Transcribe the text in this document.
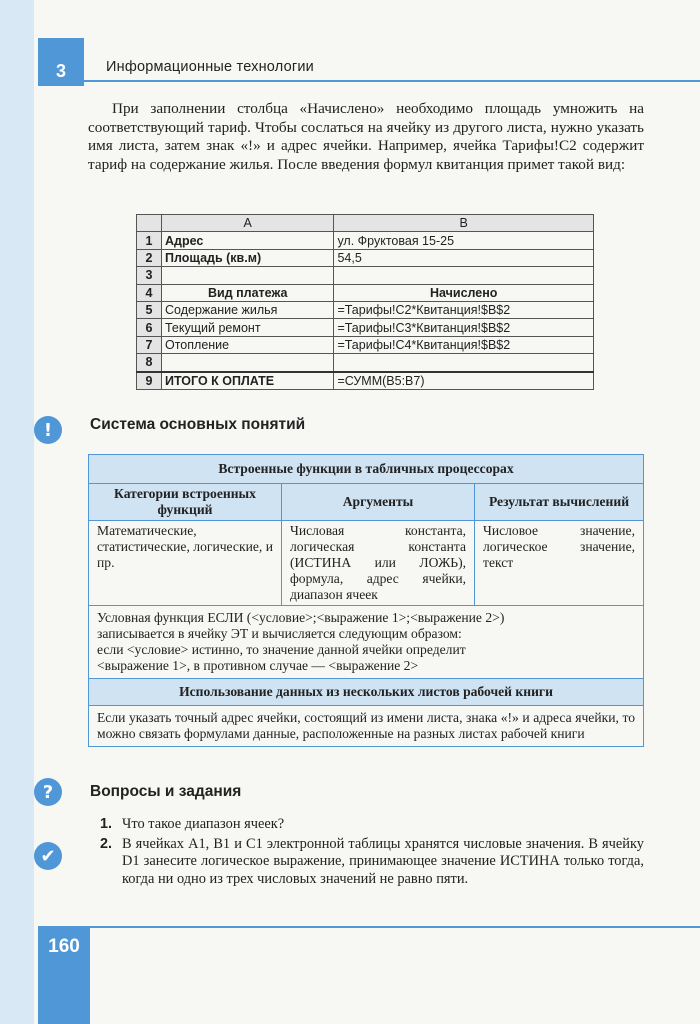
3	Информационные технологии

При заполнении столбца «Начислено» необходимо площадь умножить на соответствующий тариф. Чтобы сослаться на ячейку из другого листа, нужно указать имя листа, затем знак «!» и адрес ячейки. Например, ячейка Тарифы!C2 содержит тариф на содержание жилья. После введения формул квитанция примет такой вид:

	A	B
1	Адрес	ул. Фруктовая 15-25
2	Площадь (кв.м)	54,5
3		
4	Вид платежа	Начислено
5	Содержание жилья	=Тарифы!C2*Квитанция!$B$2
6	Текущий ремонт	=Тарифы!C3*Квитанция!$B$2
7	Отопление	=Тарифы!C4*Квитанция!$B$2
8		
9	ИТОГО К ОПЛАТЕ	=СУММ(B5:B7)
!	Система основных понятий
Встроенные функции в табличных процессорах		
Категории встроенных функций	Аргументы	Результат вычислений
Математические, статистические, логические, и пр.	Числовая константа, логическая константа (ИСТИНА или ЛОЖЬ), формула, адрес ячейки, диапазон ячеек	Числовое значение, логическое значение, текст

Условная функция ЕСЛИ (<условие>;<выражение 1>;<выражение 2>)
записывается в ячейку ЭТ и вычисляется следующим образом:
если <условие> истинно, то значение данной ячейки определит
<выражение 1>, в противном случае — <выражение 2>		

Использование данных из нескольких листов рабочей книги		
Если указать точный адрес ячейки, состоящий из имени листа, знака «!» и адреса ячейки, то можно связать формулами данные, расположенные на разных листах рабочей книги		
?	Вопросы и задания
✔
1. Что такое диапазон ячеек?
2. В ячейках A1, B1 и C1 электронной таблицы хранятся числовые значения. В ячейку D1 занесите логическое выражение, принимающее значение ИСТИНА только тогда, когда ни одно из трех числовых значений не равно пяти.
160
